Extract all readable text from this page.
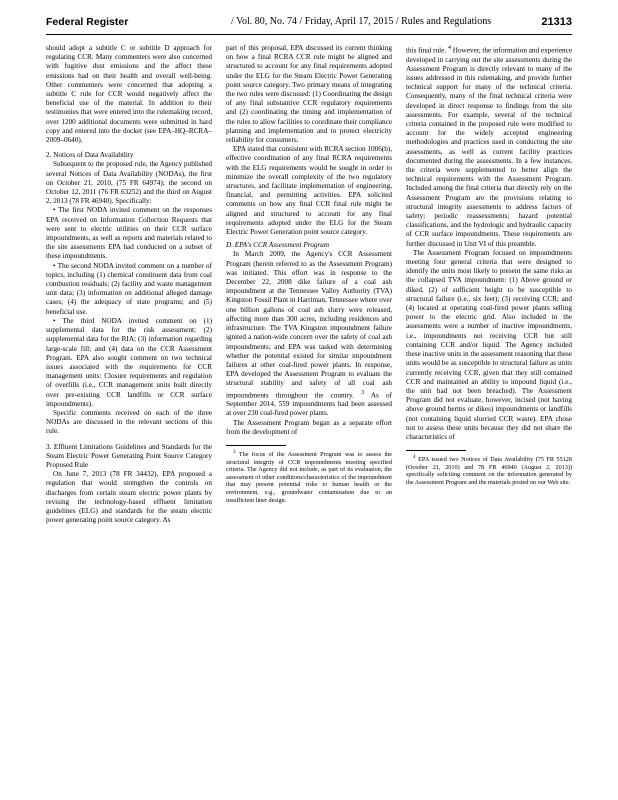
Federal Register	/ Vol. 80, No. 74 / Friday, April 17, 2015 / Rules and Regulations	21313

should adopt a subtitle C or subtitle D approach for regulating CCR. Many commenters were also concerned with fugitive dust emissions and the affect these emissions had on their health and overall well-being. Other commenters were concerned that adopting a subtitle C rule for CCR would negatively affect the beneficial use of the material. In addition to their testimonies that were entered into the rulemaking record, over 1200 additional documents were submitted in hard copy and entered into the docket (see EPA–HQ–RCRA–2009–0640).

2. Notices of Data Availability

Subsequent to the proposed rule, the Agency published several Notices of Data Availability (NODAs), the first on October 21, 2010, (75 FR 64974); the second on October 12, 2011 (76 FR 63252) and the third on August 2, 2013 (78 FR 46940). Specifically:

• The first NODA invited comment on the responses EPA received on Information Collection Requests that were sent to electric utilities on their CCR surface impoundments, as well as reports and materials related to the site assessments EPA had conducted on a subset of these impoundments.

• The second NODA invited comment on a number of topics, including (1) chemical constituent data from coal combustion residuals; (2) facility and waste management unit data; (3) information on additional alleged damage cases; (4) the adequacy of state programs; and (5) beneficial use.

• The third NODA invited comment on (1) supplemental data for the risk assessment; (2) supplemental data for the RIA; (3) information regarding large-scale fill; and (4) data on the CCR Assessment Program. EPA also sought comment on two technical issues associated with the requirements for CCR management units: Closure requirements and regulation of overfills (i.e., CCR management units built directly over pre-existing CCR landfills or CCR surface impoundments).

Specific comments received on each of the three NODAs are discussed in the relevant sections of this rule.

3. Effluent Limitations Guidelines and Standards for the Steam Electric Power Generating Point Source Category Proposed Rule

On June 7, 2013 (78 FR 34432), EPA proposed a regulation that would strengthen the controls on discharges from certain steam electric power plants by revising the technology-based effluent limitation guidelines (ELG) and standards for the steam electric power generating point source category. As

part of this proposal, EPA discussed its current thinking on how a final RCRA CCR rule might be aligned and structured to account for any final requirements adopted under the ELG for the Steam Electric Power Generating point source category. Two primary means of integrating the two rules were discussed: (1) Coordinating the design of any final substantive CCR regulatory requirements and (2) coordinating the timing and implementation of the rules to allow facilities to coordinate their compliance planning and implementation and to protect electricity reliability for consumers.

EPA stated that consistent with RCRA section 1006(b), effective coordination of any final RCRA requirements with the ELG requirements would be sought in order to minimize the overall complexity of the two regulatory structures, and facilitate implementation of engineering, financial, and permitting activities. EPA solicited comments on how any final CCR final rule might be aligned and structured to account for any final requirements adopted under the ELG for the Steam Electric Power Generation point source category.

D. EPA's CCR Assessment Program

In March 2009, the Agency's CCR Assessment Program (herein referred to as the Assessment Program) was initiated. This effort was in response to the December 22, 2008 dike failure of a coal ash impoundment at the Tennessee Valley Authority (TVA) Kingston Fossil Plant in Harriman, Tennessee where over one billion gallons of coal ash slurry were released, affecting more than 300 acres, including residences and infrastructure. The TVA Kingston impoundment failure ignited a nation-wide concern over the safety of coal ash impoundments; and EPA was tasked with determining whether the potential existed for similar impoundment failures at other coal-fired power plants. In response, EPA developed the Assessment Program to evaluate the structural stability and safety of all coal ash impoundments throughout the country. $^3$ As of September 2014, 559 impoundments had been assessed at over 230 coal-fired power plants.

The Assessment Program began as a separate effort from the development of

$^3$ The focus of the Assessment Program was to assess the structural integrity of CCR impoundments meeting specified criteria. The Agency did not include, as part of its evaluation, the assessment of other conditions/characteristics of the impoundment that may present potential risks to human health or the environment, e.g., groundwater contamination due to an insufficient liner design.

this final rule. $^4$ However, the information and experience developed in carrying out the site assessments during the Assessment Program is directly relevant to many of the issues addressed in this rulemaking, and provide further technical support for many of the technical criteria. Consequently, many of the final technical criteria were developed in direct response to findings from the site assessments. For example, several of the technical criteria contained in the proposed rule were modified to account for the widely accepted engineering methodologies and practices used in conducting the site assessments, as well as current facility practices documented during the assessments. In a few instances, the criteria were supplemented to better align the technical requirements with the Assessment Program. Included among the final criteria that directly rely on the Assessment Program are the provisions relating to structural integrity assessments to address factors of safety; periodic reassessments; hazard potential classifications, and the hydrologic and hydraulic capacity of CCR surface impoundments. These requirements are further discussed in Unit VI of this preamble.

The Assessment Program focused on impoundments meeting four general criteria that were designed to identify the units most likely to present the same risks as the collapsed TVA impoundment: (1) Above ground or diked, (2) of sufficient height to be susceptible to structural failure (i.e., six feet); (3) receiving CCR; and (4) located at operating coal-fired power plants selling power to the electric grid. Also included in the assessments were a number of inactive impoundments, i.e., impoundments not receiving CCR but still containing CCR and/or liquid. The Agency included these inactive units in the assessment reasoning that these units would be as susceptible to structural failure as units currently receiving CCR, given that they still contained CCR and maintained an ability to impound liquid (i.e., the unit had not been breached). The Assessment Program did not evaluate, however, incised (not having above ground berms or dikes) impoundments or landfills (not containing liquid slurried CCR waste). EPA chose not to assess these units because they did not share the characteristics of

$^4$ EPA issued two Notices of Data Availability (75 FR 55128 (October 21, 2010) and 78 FR 46940 (August 2, 2013)) specifically soliciting comment on the information generated by the Assessment Program and the materials posted on our Web site.
